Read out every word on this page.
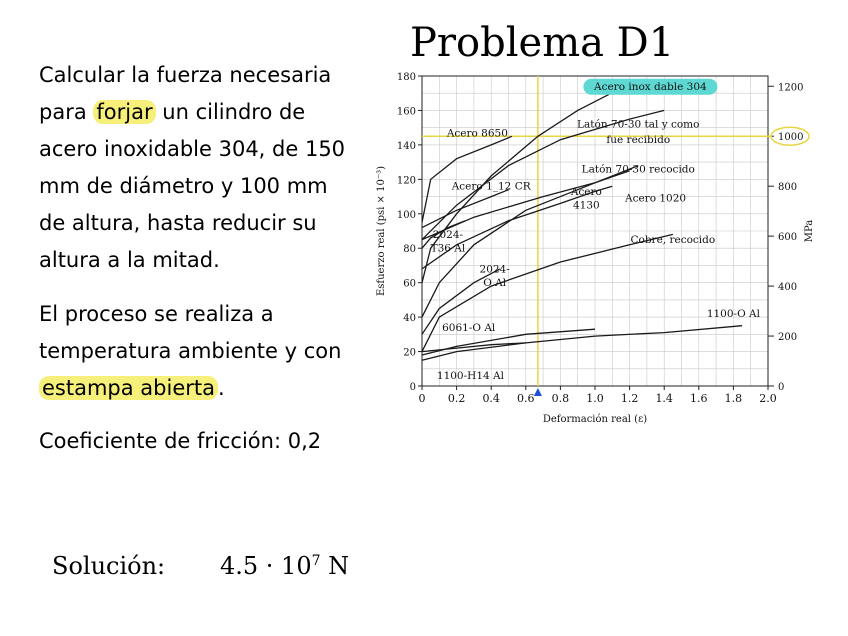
Problema D1
Calcular la fuerza necesaria
para forjar un cilindro de
acero inoxidable 304, de 150
mm de diámetro y 100 mm
de altura, hasta reducir su
altura a la mitad.
El proceso se realiza a
temperatura ambiente y con
estampa abierta .
Coeficiente de fricción: 0,2
Solución: $4.5 \cdot 10^7$ N
0 0.2 0.4 0.6 0.8 1.0 1.2 1.4 1.6 1.8 2.0
0
20
40
60
80
100
120
140
160
180
0
200
400
600
800
1000
1200
Deformación real (ε)
Esfuerzo real (psi × 10⁻³)	MPa
Acero inox dable 304
Acero 8650
Latón 70-30 tal y como
fue recibido
Latón 70-30 recocido
Acero 1_12 CR	Acero
4130
Acero 1020
Cobre, recocido
2024-
T36 Al
2024-
O Al
1100-O Al
6061-O Al
1100-H14 Al
